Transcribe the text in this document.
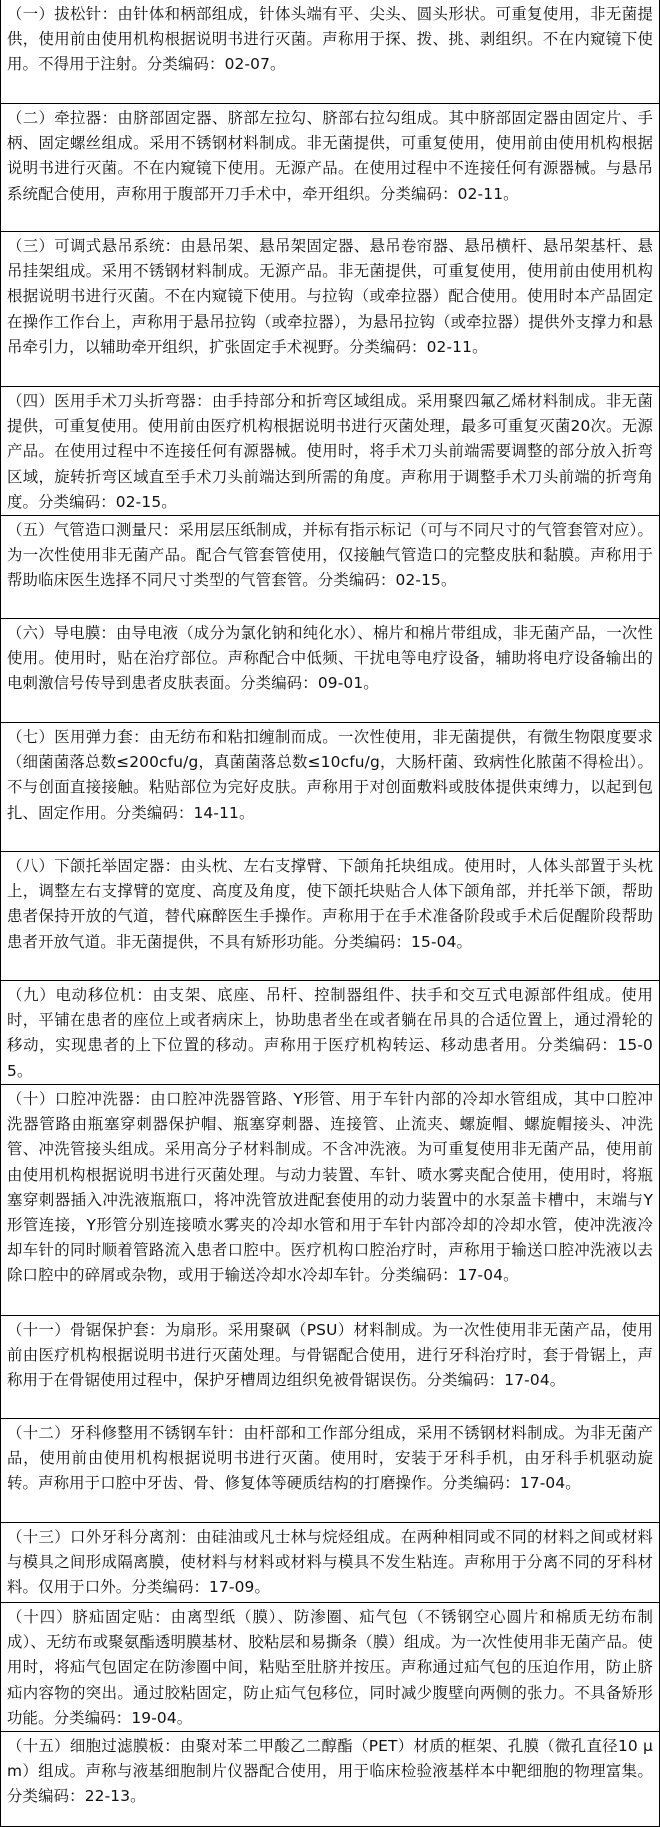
（一）拔松针：由针体和柄部组成，针体头端有平、尖头、圆头形状。可重复使用，非无菌提供，使用前由使用机构根据说明书进行灭菌。声称用于探、拨、挑、剥组织。不在内窥镜下使用。不得用于注射。分类编码：02-07。
（二）牵拉器：由脐部固定器、脐部左拉勾、脐部右拉勾组成。其中脐部固定器由固定片、手柄、固定螺丝组成。采用不锈钢材料制成。非无菌提供，可重复使用，使用前由使用机构根据说明书进行灭菌。不在内窥镜下使用。无源产品。在使用过程中不连接任何有源器械。与悬吊系统配合使用，声称用于腹部开刀手术中，牵开组织。分类编码：02-11。
（三）可调式悬吊系统：由悬吊架、悬吊架固定器、悬吊卷帘器、悬吊横杆、悬吊架基杆、悬吊挂架组成。采用不锈钢材料制成。无源产品。非无菌提供，可重复使用，使用前由使用机构根据说明书进行灭菌。不在内窥镜下使用。与拉钩（或牵拉器）配合使用。使用时本产品固定在操作工作台上，声称用于悬吊拉钩（或牵拉器），为悬吊拉钩（或牵拉器）提供外支撑力和悬吊牵引力，以辅助牵开组织，扩张固定手术视野。分类编码：02-11。
（四）医用手术刀头折弯器：由手持部分和折弯区域组成。采用聚四氟乙烯材料制成。非无菌提供，可重复使用。使用前由医疗机构根据说明书进行灭菌处理，最多可重复灭菌20次。无源产品。在使用过程中不连接任何有源器械。使用时，将手术刀头前端需要调整的部分放入折弯区域，旋转折弯区域直至手术刀头前端达到所需的角度。声称用于调整手术刀头前端的折弯角度。分类编码：02-15。
（五）气管造口测量尺：采用层压纸制成，并标有指示标记（可与不同尺寸的气管套管对应）。为一次性使用非无菌产品。配合气管套管使用，仅接触气管造口的完整皮肤和黏膜。声称用于帮助临床医生选择不同尺寸类型的气管套管。分类编码：02-15。
（六）导电膜：由导电液（成分为氯化钠和纯化水）、棉片和棉片带组成，非无菌产品，一次性使用。使用时，贴在治疗部位。声称配合中低频、干扰电等电疗设备，辅助将电疗设备输出的电刺激信号传导到患者皮肤表面。分类编码：09-01。
（七）医用弹力套：由无纺布和粘扣缠制而成。一次性使用，非无菌提供，有微生物限度要求（细菌菌落总数≤200cfu/g，真菌菌落总数≤10cfu/g，大肠杆菌、致病性化脓菌不得检出）。不与创面直接接触。粘贴部位为完好皮肤。声称用于对创面敷料或肢体提供束缚力，以起到包扎、固定作用。分类编码：14-11。
（八）下颌托举固定器：由头枕、左右支撑臂、下颌角托块组成。使用时，人体头部置于头枕上，调整左右支撑臂的宽度、高度及角度，使下颌托块贴合人体下颌角部，并托举下颌，帮助患者保持开放的气道，替代麻醉医生手操作。声称用于在手术准备阶段或手术后促醒阶段帮助患者开放气道。非无菌提供，不具有矫形功能。分类编码：15-04。
（九）电动移位机：由支架、底座、吊杆、控制器组件、扶手和交互式电源部件组成。使用时，平铺在患者的座位上或者病床上，协助患者坐在或者躺在吊具的合适位置上，通过滑轮的移动，实现患者的上下位置的移动。声称用于医疗机构转运、移动患者用。分类编码：15-05。
（十）口腔冲洗器：由口腔冲洗器管路、Y形管、用于车针内部的冷却水管组成，其中口腔冲洗器管路由瓶塞穿刺器保护帽、瓶塞穿刺器、连接管、止流夹、螺旋帽、螺旋帽接头、冲洗管、冲洗管接头组成。采用高分子材料制成。不含冲洗液。为可重复使用非无菌产品，使用前由使用机构根据说明书进行灭菌处理。与动力装置、车针、喷水雾夹配合使用，使用时，将瓶塞穿刺器插入冲洗液瓶瓶口，将冲洗管放进配套使用的动力装置中的水泵盖卡槽中，末端与Y形管连接，Y形管分别连接喷水雾夹的冷却水管和用于车针内部冷却的冷却水管，使冲洗液冷却车针的同时顺着管路流入患者口腔中。医疗机构口腔治疗时，声称用于输送口腔冲洗液以去除口腔中的碎屑或杂物，或用于输送冷却水冷却车针。分类编码：17-04。
（十一）骨锯保护套：为扇形。采用聚砜（PSU）材料制成。为一次性使用非无菌产品，使用前由医疗机构根据说明书进行灭菌处理。与骨锯配合使用，进行牙科治疗时，套于骨锯上，声称用于在骨锯使用过程中，保护牙槽周边组织免被骨锯误伤。分类编码：17-04。
（十二）牙科修整用不锈钢车针：由杆部和工作部分组成，采用不锈钢材料制成。为非无菌产品，使用前由使用机构根据说明书进行灭菌。使用时，安装于牙科手机，由牙科手机驱动旋转。声称用于口腔中牙齿、骨、修复体等硬质结构的打磨操作。分类编码：17-04。
（十三）口外牙科分离剂：由硅油或凡士林与烷烃组成。在两种相同或不同的材料之间或材料与模具之间形成隔离膜，使材料与材料或材料与模具不发生粘连。声称用于分离不同的牙科材料。仅用于口外。分类编码：17-09。
（十四）脐疝固定贴：由离型纸（膜）、防渗圈、疝气包（不锈钢空心圆片和棉质无纺布制成）、无纺布或聚氨酯透明膜基材、胶粘层和易撕条（膜）组成。为一次性使用非无菌产品。使用时，将疝气包固定在防渗圈中间，粘贴至肚脐并按压。声称通过疝气包的压迫作用，防止脐疝内容物的突出。通过胶粘固定，防止疝气包移位，同时减少腹壁向两侧的张力。不具备矫形功能。分类编码：19-04。
（十五）细胞过滤膜板：由聚对苯二甲酸乙二醇酯（PET）材质的框架、孔膜（微孔直径10 μm）组成。声称与液基细胞制片仪器配合使用，用于临床检验液基样本中靶细胞的物理富集。分类编码：22-13。
